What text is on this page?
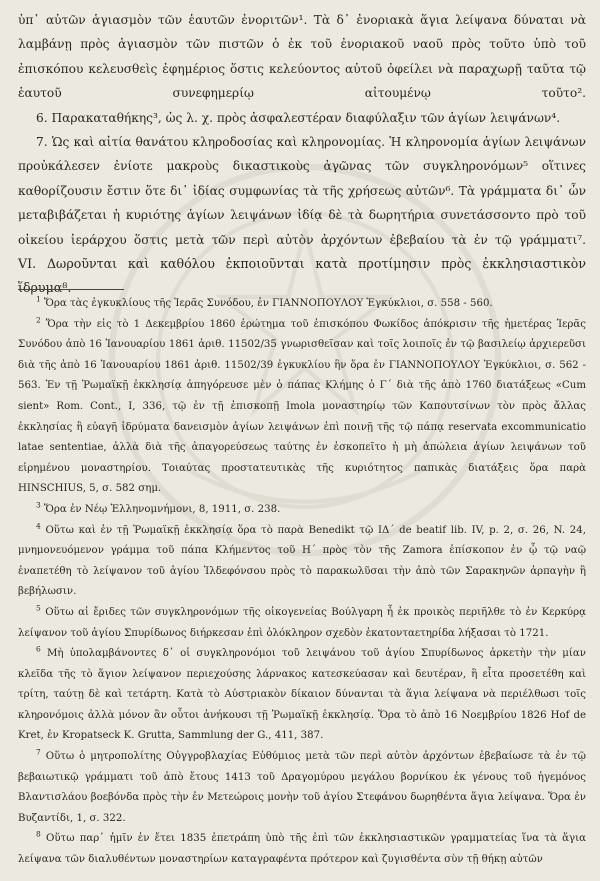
ὑπ᾽ αὐτῶν ἁγιασμὸν τῶν ἑαυτῶν ἐνοριτῶν¹. Τὰ δ᾽ ἐνοριακὰ ἅγια λείψανα δύναται νὰ λαμβάνῃ πρὸς ἁγιασμὸν τῶν πιστῶν ὁ ἐκ τοῦ ἐνοριακοῦ ναοῦ πρὸς τοῦτο ὑπὸ τοῦ ἐπισκόπου κελευσθεὶς ἐφημέριος ὅστις κελεύοντος αὐτοῦ ὀφείλει νὰ παραχωρῇ ταῦτα τῷ ἑαυτοῦ συνεφημερίῳ αἰτουμένῳ τοῦτο².

6. Παρακαταθήκης³, ὡς λ. χ. πρὸς ἀσφαλεστέραν διαφύλαξιν τῶν ἁγίων λειψάνων⁴.

7. Ὡς καὶ αἰτία θανάτου κληροδοσίας καὶ κληρονομίας. Ἡ κληρονομία ἁγίων λειψάνων προὐκάλεσεν ἐνίοτε μακροὺς δικαστικοὺς ἀγῶνας τῶν συγκληρονόμων⁵ οἵτινες καθορίζουσιν ἔστιν ὅτε δι᾽ ἰδίας συμφωνίας τὰ τῆς χρήσεως αὐτῶν⁶. Τὰ γράμματα δι᾽ ὧν μεταβιβάζεται ἡ κυριότης ἁγίων λειψάνων ἰδίᾳ δὲ τὰ δωρητήρια συνετάσσοντο πρὸ τοῦ οἰκείου ἱεράρχου ὅστις μετὰ τῶν περὶ αὐτὸν ἀρχόντων ἐβεβαίου τὰ ἐν τῷ γράμματι⁷.

VI. Δωροῦνται καὶ καθόλου ἐκποιοῦνται κατὰ προτίμησιν πρὸς ἐκκλησιαστικὸν ἵδρυμα⁸.

$^1$ Ὅρα τὰς ἐγκυκλίους τῆς Ἱερᾶς Συνόδου, ἐν ΓΙΑΝΝΟΠΟΥΛΟΥ Ἐγκύκλιοι, σ. 558 - 560.

$^2$ Ὅρα τὴν εἰς τὸ 1 Δεκεμβρίου 1860 ἐρώτημα τοῦ ἐπισκόπου Φωκίδος ἀπόκρισιν τῆς ἡμετέρας Ἱερᾶς Συνόδου ἀπὸ 16 Ἰανουαρίου 1861 ἀριθ. 11502/35 γνωρισθεῖσαν καὶ τοῖς λοιποῖς ἐν τῷ βασιλείῳ ἀρχιερεῦσι διὰ τῆς ἀπὸ 16 Ἰανουαρίου 1861 ἀριθ. 11502/39 ἐγκυκλίου ἣν ὅρα ἐν ΓΙΑΝΝΟΠΟΥΛΟΥ Ἐγκύκλιοι, σ. 562 - 563. Ἐν τῇ Ῥωμαϊκῇ ἐκκλησίᾳ ἀπηγόρευσε μὲν ὁ πάπας Κλήμης ὁ Γ´ διὰ τῆς ἀπὸ 1760 διατάξεως «Cum sient» Rom. Cont., I, 336, τῷ ἐν τῇ ἐπισκοπῇ Imola μοναστηρίῳ τῶν Καπουτσίνων τὸν πρὸς ἄλλας ἐκκλησίας ἢ εὐαγῆ ἱδρύματα δανεισμὸν ἁγίων λειψάνων ἐπὶ ποινῇ τῆς τῷ πάπᾳ reservata excommunicatio latae sententiae, ἀλλὰ διὰ τῆς ἀπαγορεύσεως ταύτης ἐν ἐσκοπεῖτο ἡ μὴ ἀπώλεια ἁγίων λειψάνων τοῦ εἰρημένου μοναστηρίου. Τοιαύτας προστατευτικὰς τῆς κυριότητος παπικὰς διατάξεις ὅρα παρὰ HINSCHIUS, 5, σ. 582 σημ.

$^3$ Ὅρα ἐν Νέῳ Ἑλληνομνήμονι, 8, 1911, σ. 238.

$^4$ Οὕτω καὶ ἐν τῇ Ῥωμαϊκῇ ἐκκλησίᾳ ὅρα τὸ παρὰ Benedikt τῷ ΙΔ´ de beatif lib. IV, p. 2, σ. 26, N. 24, μνημονευόμενον γράμμα τοῦ πάπα Κλήμεντος τοῦ Η´ πρὸς τὸν τῆς Zamora ἐπίσκοπον ἐν ᾧ τῷ ναῷ ἐναπετέθη τὸ λείψανον τοῦ ἁγίου Ἰλδεφόνσου πρὸς τὸ παρακωλῦσαι τὴν ἀπὸ τῶν Σαρακηνῶν ἁρπαγὴν ἢ βεβήλωσιν.

$^5$ Οὕτω αἱ ἔριδες τῶν συγκληρονόμων τῆς οἰκογενείας Βούλγαρη ἧ ἐκ προικὸς περιῆλθε τὸ ἐν Κερκύρᾳ λείψανον τοῦ ἁγίου Σπυρίδωνος διήρκεσαν ἐπὶ ὁλόκληρον σχεδὸν ἑκατονταετηρίδα λήξασαι τὸ 1721.

$^6$ Μὴ ὑπολαμβάνοντες δ᾽ οἱ συγκληρονόμοι τοῦ λειψάνου τοῦ ἁγίου Σπυρίδωνος ἀρκετὴν τὴν μίαν κλεῖδα τῆς τὸ ἅγιον λείψανον περιεχούσης λάρνακος κατεσκεύασαν καὶ δευτέραν, ἣ εἶτα προσετέθη καὶ τρίτη, ταύτῃ δὲ καὶ τετάρτη. Κατὰ τὸ Αὐστριακὸν δίκαιον δύνανται τὰ ἅγια λείψανα νὰ περιέλθωσι τοῖς κληρονόμοις ἀλλὰ μόνον ἂν οὗτοι ἀνήκουσι τῇ Ῥωμαϊκῇ ἐκκλησίᾳ. Ὅρα τὸ ἀπὸ 16 Νοεμβρίου 1826 Hof de Kret, ἐν Kropatseck K. Grutta, Sammlung der G., 411, 387.

$^7$ Οὕτω ὁ μητροπολίτης Οὐγγροβλαχίας Εὐθύμιος μετὰ τῶν περὶ αὐτὸν ἀρχόντων ἐβεβαίωσε τὰ ἐν τῷ βεβαιωτικῷ γράμματι τοῦ ἀπὸ ἔτους 1413 τοῦ Δραγομύρου μεγάλου βορνίκου ἐκ γένους τοῦ ἡγεμόνος Βλαντισλάου βοεβόνδα πρὸς τὴν ἐν Μετεώροις μονὴν τοῦ ἁγίου Στεφάνου δωρηθέντα ἅγια λείψανα. Ὅρα ἐν Βυζαντίδι, 1, σ. 322.

$^8$ Οὕτω παρ᾽ ἡμῖν ἐν ἔτει 1835 ἐπετράπη ὑπὸ τῆς ἐπὶ τῶν ἐκκλησιαστικῶν γραμματείας ἵνα τὰ ἅγια λείψανα τῶν διαλυθέντων μοναστηρίων καταγραφέντα πρότερον καὶ ζυγισθέντα σὺν τῇ θήκῃ αὐτῶν
